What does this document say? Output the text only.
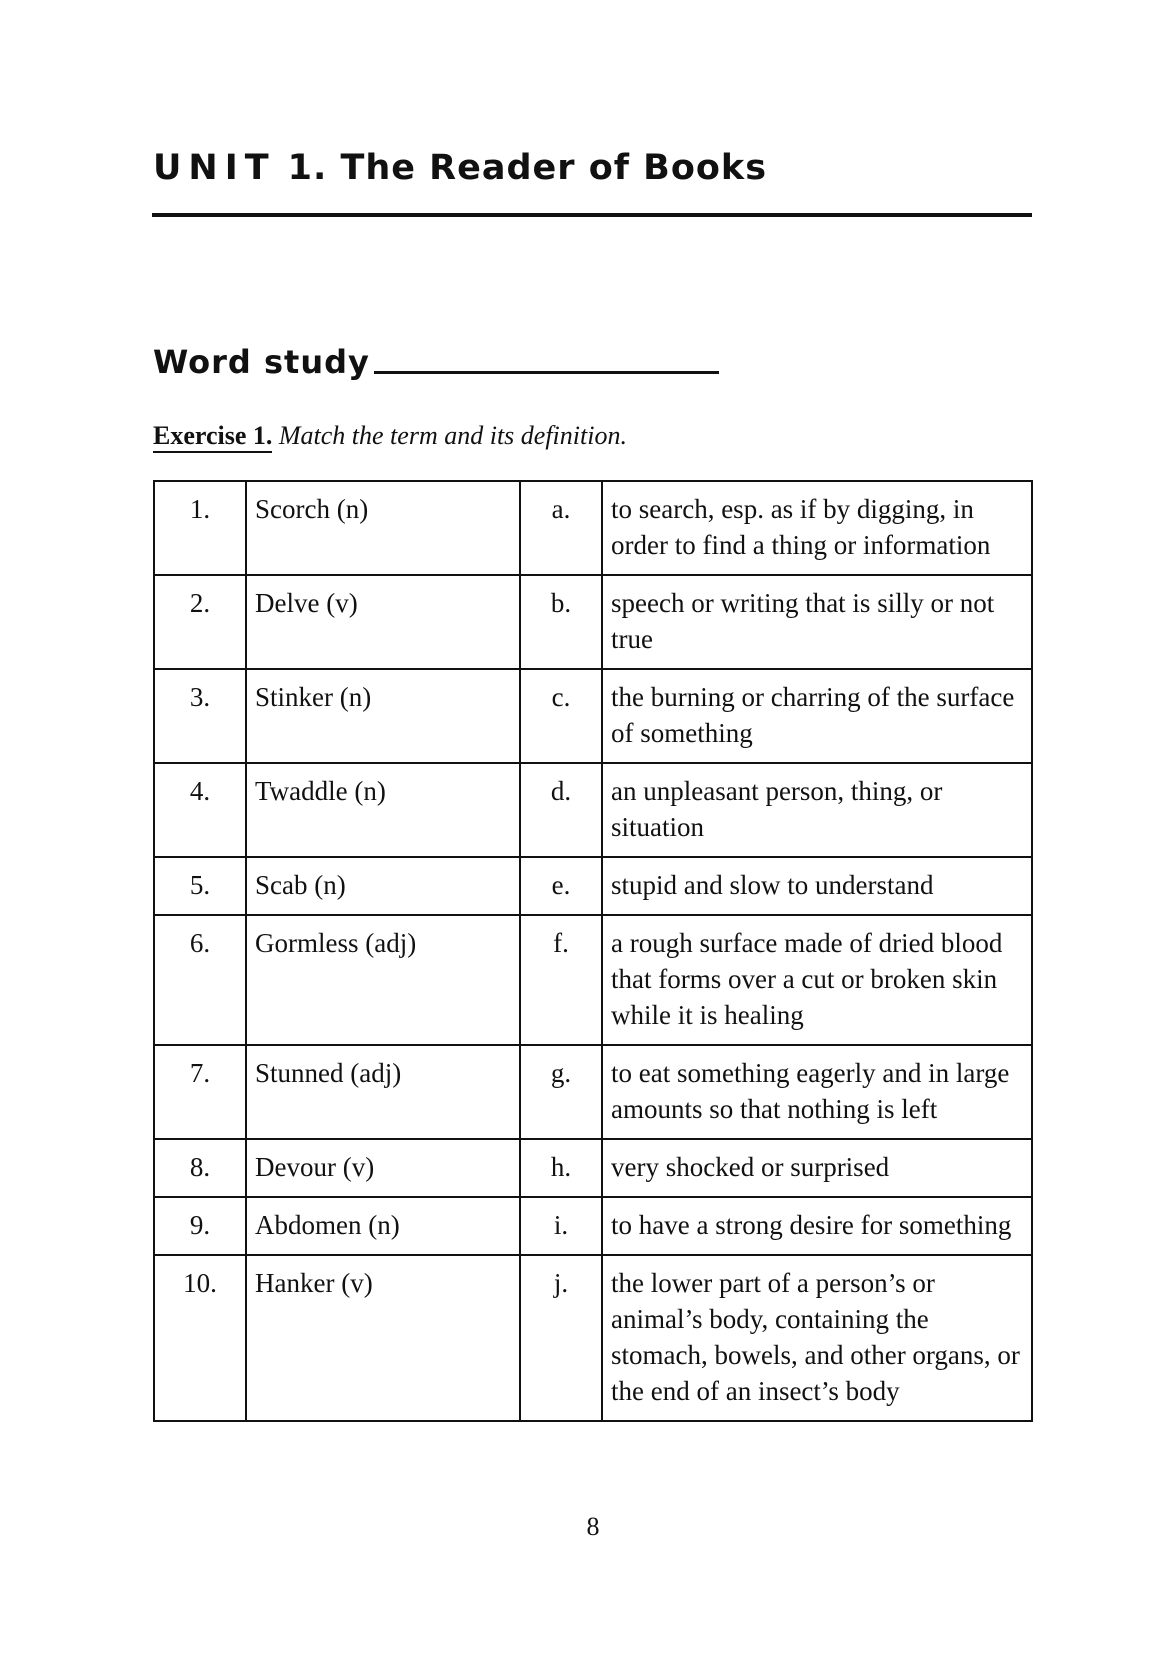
UNIT 1. The Reader of Books
Word study

Exercise 1. Match the term and its definition.

1.	Scorch (n)	a.	to search, esp. as if by digging, in order to find a thing or information
2.	Delve (v)	b.	speech or writing that is silly or not true
3.	Stinker (n)	c.	the burning or charring of the surface of something
4.	Twaddle (n)	d.	an unpleasant person, thing, or situation
5.	Scab (n)	e.	stupid and slow to understand
6.	Gormless (adj)	f.	a rough surface made of dried blood that forms over a cut or broken skin while it is healing
7.	Stunned (adj)	g.	to eat something eagerly and in large amounts so that nothing is left
8.	Devour (v)	h.	very shocked or surprised
9.	Abdomen (n)	i.	to have a strong desire for something
10.	Hanker (v)	j.	the lower part of a person’s or animal’s body, containing the stomach, bowels, and other organs, or the end of an insect’s body
8
